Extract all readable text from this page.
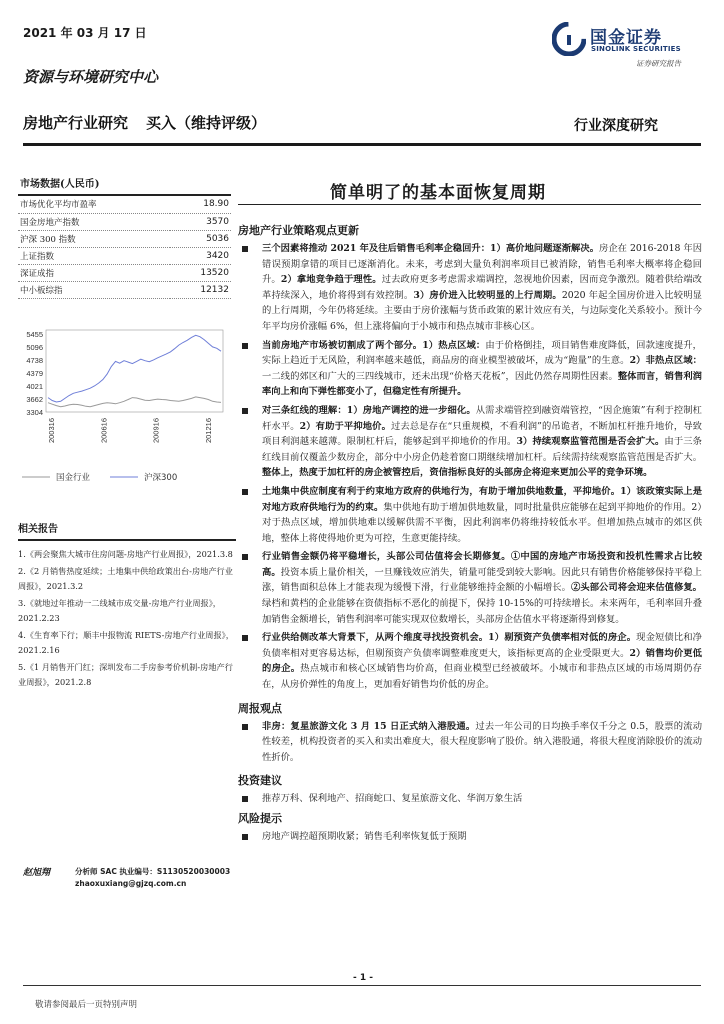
2021 年 03 月 17 日	国金证券
SINOLINK SECURITIES
证券研究报告
资源与环境研究中心
房地产行业研究 买入（维持评级）	行业深度研究
市场数据(人民币)
市场优化平均市盈率	18.90
国金房地产指数	3570
沪深 300 指数	5036
上证指数	3420
深证成指	13520
中小板综指	12132
5455
5096
4738
4379
4021
3662
3304
200316	200616	200916	201216
国金行业	沪深300
相关报告
1.《两会聚焦大城市住房问题-房地产行业周报》，2021.3.8
2.《2 月销售热度延续；土地集中供给政策出台-房地产行业周报》，2021.3.2
3.《就地过年推动一二线城市成交量-房地产行业周报》，2021.2.23
4.《生育率下行；顺丰中报物流 RIETS-房地产行业周报》，2021.2.16
5.《1 月销售开门红；深圳发布二手房参考价机制-房地产行业周报》，2021.2.8
赵旭翔	分析师 SAC 执业编号：S1130520030003
zhaoxuxiang@gjzq.com.cn
简单明了的基本面恢复周期
房地产行业策略观点更新
三个因素将推动 2021 年及往后销售毛利率企稳回升：1）高价地问题逐渐解决。房企在 2016-2018 年因错误预期拿错的项目已逐渐消化。未来，考虑到大量负利润率项目已被消除，销售毛利率大概率将企稳回升。2）拿地竞争趋于理性。过去政府更多考虑需求端调控，忽视地价因素，因而竞争激烈。随着供给端改革持续深入，地价将得到有效控制。3）房价进入比较明显的上行周期。2020 年起全国房价进入比较明显的上行周期，今年仍将延续。主要由于房价涨幅与货币政策的累计效应有关，与边际变化关系较小。预计今年平均房价涨幅 6%，但上涨将偏向于小城市和热点城市非核心区。
当前房地产市场被切割成了两个部分。1）热点区域：由于价格倒挂，项目销售难度降低，回款速度提升，实际上趋近于无风险，利润率越来越低，商品房的商业模型被破坏，成为“跑量”的生意。2）非热点区域：一二线的郊区和广大的三四线城市，还未出现“价格天花板”，因此仍然存周期性因素。整体而言，销售利润率向上和向下弹性都变小了，但稳定性有所提升。
对三条红线的理解：1）房地产调控的进一步细化。从需求端管控到融资端管控，“因企施策”有利于控制杠杆水平。2）有助于平抑地价。过去总是存在“只重规模，不看利润”的吊诡者，不断加杠杆推升地价，导致项目利润越来越薄。限制杠杆后，能够起到平抑地价的作用。3）持续观察监管范围是否会扩大。由于三条红线目前仅覆盖少数房企，部分中小房企仍趁着窗口期继续增加杠杆。后续需持续观察监管范围是否扩大。整体上，热度于加杠杆的房企被管控后，资信指标良好的头部房企将迎来更加公平的竞争环境。
土地集中供应制度有利于约束地方政府的供地行为，有助于增加供地数量，平抑地价。1）该政策实际上是对地方政府供地行为的约束。集中供地有助于增加供地数量，同时批量供应能够在起到平抑地价的作用。2）对于热点区域，增加供地难以缓解供需不平衡，因此利润率仍将维持较低水平。但增加热点城市的郊区供地，整体上将使得地价更为可控，生意更能持续。
行业销售金额仍将平稳增长，头部公司估值将会长期修复。①中国的房地产市场投资和投机性需求占比较高。投资本质上量价相关，一旦赚钱效应消失，销量可能受到较大影响。因此只有销售价格能够保持平稳上涨，销售面积总体上才能表现为缓慢下滑，行业能够维持金额的小幅增长。②头部公司将会迎来估值修复。绿档和黄档的企业能够在资债指标不恶化的前提下，保持 10-15%的可持续增长。未来两年，毛利率回升叠加销售金额增长，销售利润率可能实现双位数增长，头部房企估值水平将逐渐得到修复。
行业供给侧改革大背景下，从两个维度寻找投资机会。1）剔预资产负债率相对低的房企。现金短债比和净负债率相对更容易达标，但剔预资产负债率调整难度更大，该指标更高的企业受限更大。2）销售均价更低的房企。热点城市和核心区域销售均价高，但商业模型已经被破坏。小城市和非热点区域的市场周期仍存在，从房价弹性的角度上，更加看好销售均价低的房企。
周报观点
非房：复星旅游文化 3 月 15 日正式纳入港股通。过去一年公司的日均换手率仅千分之 0.5，股票的流动性较差，机构投资者的买入和卖出难度大，很大程度影响了股价。纳入港股通，将很大程度消除股价的流动性折价。
投资建议
推荐万科、保利地产、招商蛇口、复星旅游文化、华润万象生活
风险提示
房地产调控超预期收紧；销售毛利率恢复低于预期
- 1 -
敬请参阅最后一页特别声明
